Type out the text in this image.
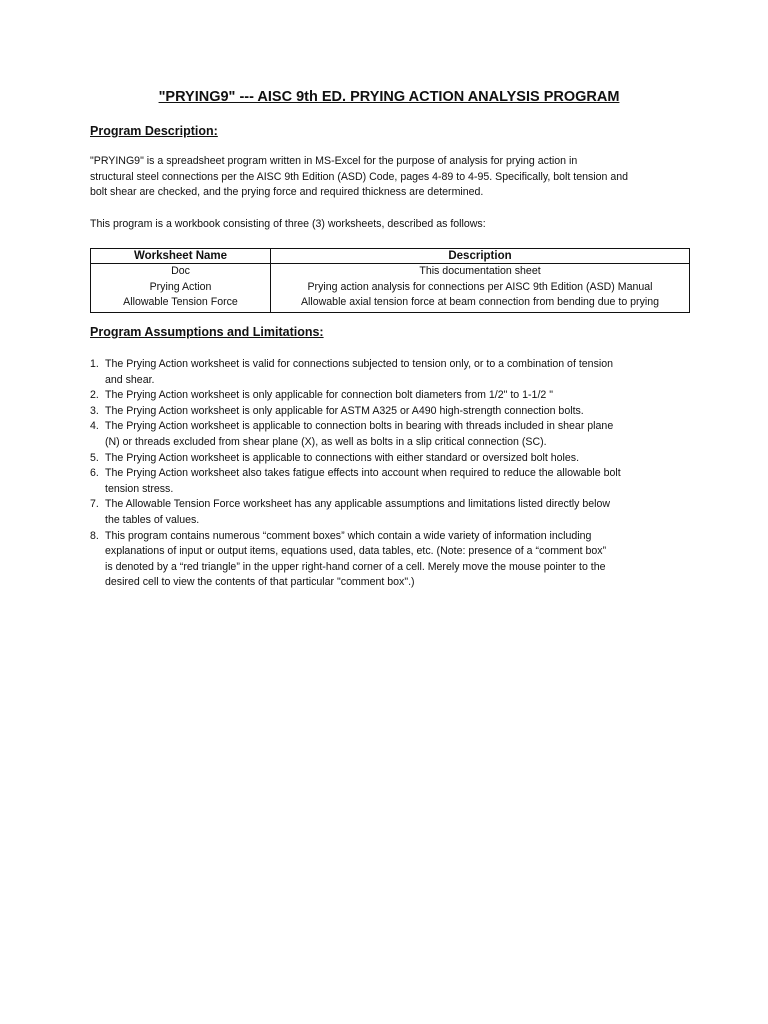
"PRYING9" --- AISC 9th ED. PRYING ACTION ANALYSIS PROGRAM
Program Description:
"PRYING9" is a spreadsheet program written in MS-Excel for the purpose of analysis for prying action in
structural steel connections per the AISC 9th Edition (ASD) Code, pages 4-89 to 4-95. Specifically, bolt tension and
bolt shear are checked, and the prying force and required thickness are determined.
This program is a workbook consisting of three (3) worksheets, described as follows:
Worksheet Name	Description
Doc	This documentation sheet
Prying Action	Prying action analysis for connections per AISC 9th Edition (ASD) Manual
Allowable Tension Force	Allowable axial tension force at beam connection from bending due to prying
Program Assumptions and Limitations:
1. The Prying Action worksheet is valid for connections subjected to tension only, or to a combination of tension
and shear.
2. The Prying Action worksheet is only applicable for connection bolt diameters from 1/2" to 1-1/2 "
3. The Prying Action worksheet is only applicable for ASTM A325 or A490 high-strength connection bolts.
4. The Prying Action worksheet is applicable to connection bolts in bearing with threads included in shear plane
(N) or threads excluded from shear plane (X), as well as bolts in a slip critical connection (SC).
5. The Prying Action worksheet is applicable to connections with either standard or oversized bolt holes.
6. The Prying Action worksheet also takes fatigue effects into account when required to reduce the allowable bolt
tension stress.
7. The Allowable Tension Force worksheet has any applicable assumptions and limitations listed directly below
the tables of values.
8. This program contains numerous “comment boxes” which contain a wide variety of information including
explanations of input or output items, equations used, data tables, etc. (Note: presence of a “comment box”
is denoted by a “red triangle” in the upper right-hand corner of a cell. Merely move the mouse pointer to the
desired cell to view the contents of that particular "comment box".)
